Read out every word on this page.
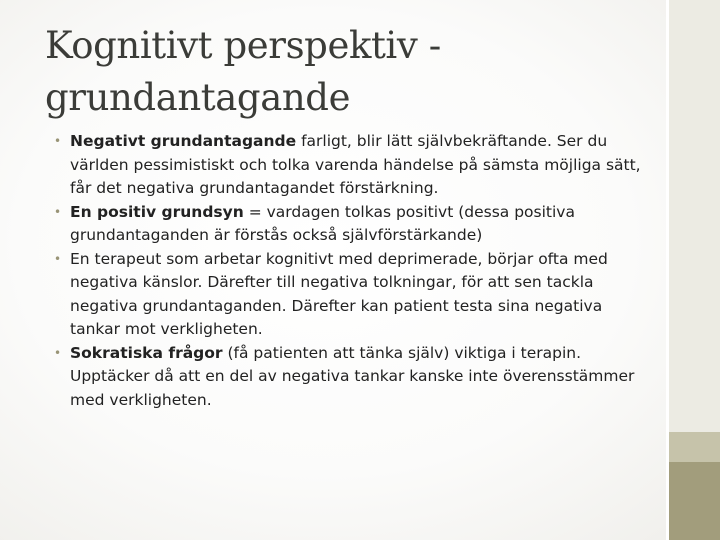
Kognitivt perspektiv - grundantagande
• Negativt grundantagande farligt, blir lätt självbekräftande. Ser du världen pessimistiskt och tolka varenda händelse på sämsta möjliga sätt, får det negativa grundantagandet förstärkning.
• En positiv grundsyn = vardagen tolkas positivt (dessa positiva grundantaganden är förstås också självförstärkande)
• En terapeut som arbetar kognitivt med deprimerade, börjar ofta med negativa känslor. Därefter till negativa tolkningar, för att sen tackla negativa grundantaganden. Därefter kan patient testa sina negativa tankar mot verkligheten.
• Sokratiska frågor (få patienten att tänka själv) viktiga i terapin. Upptäcker då att en del av negativa tankar kanske inte överensstämmer med verkligheten.
